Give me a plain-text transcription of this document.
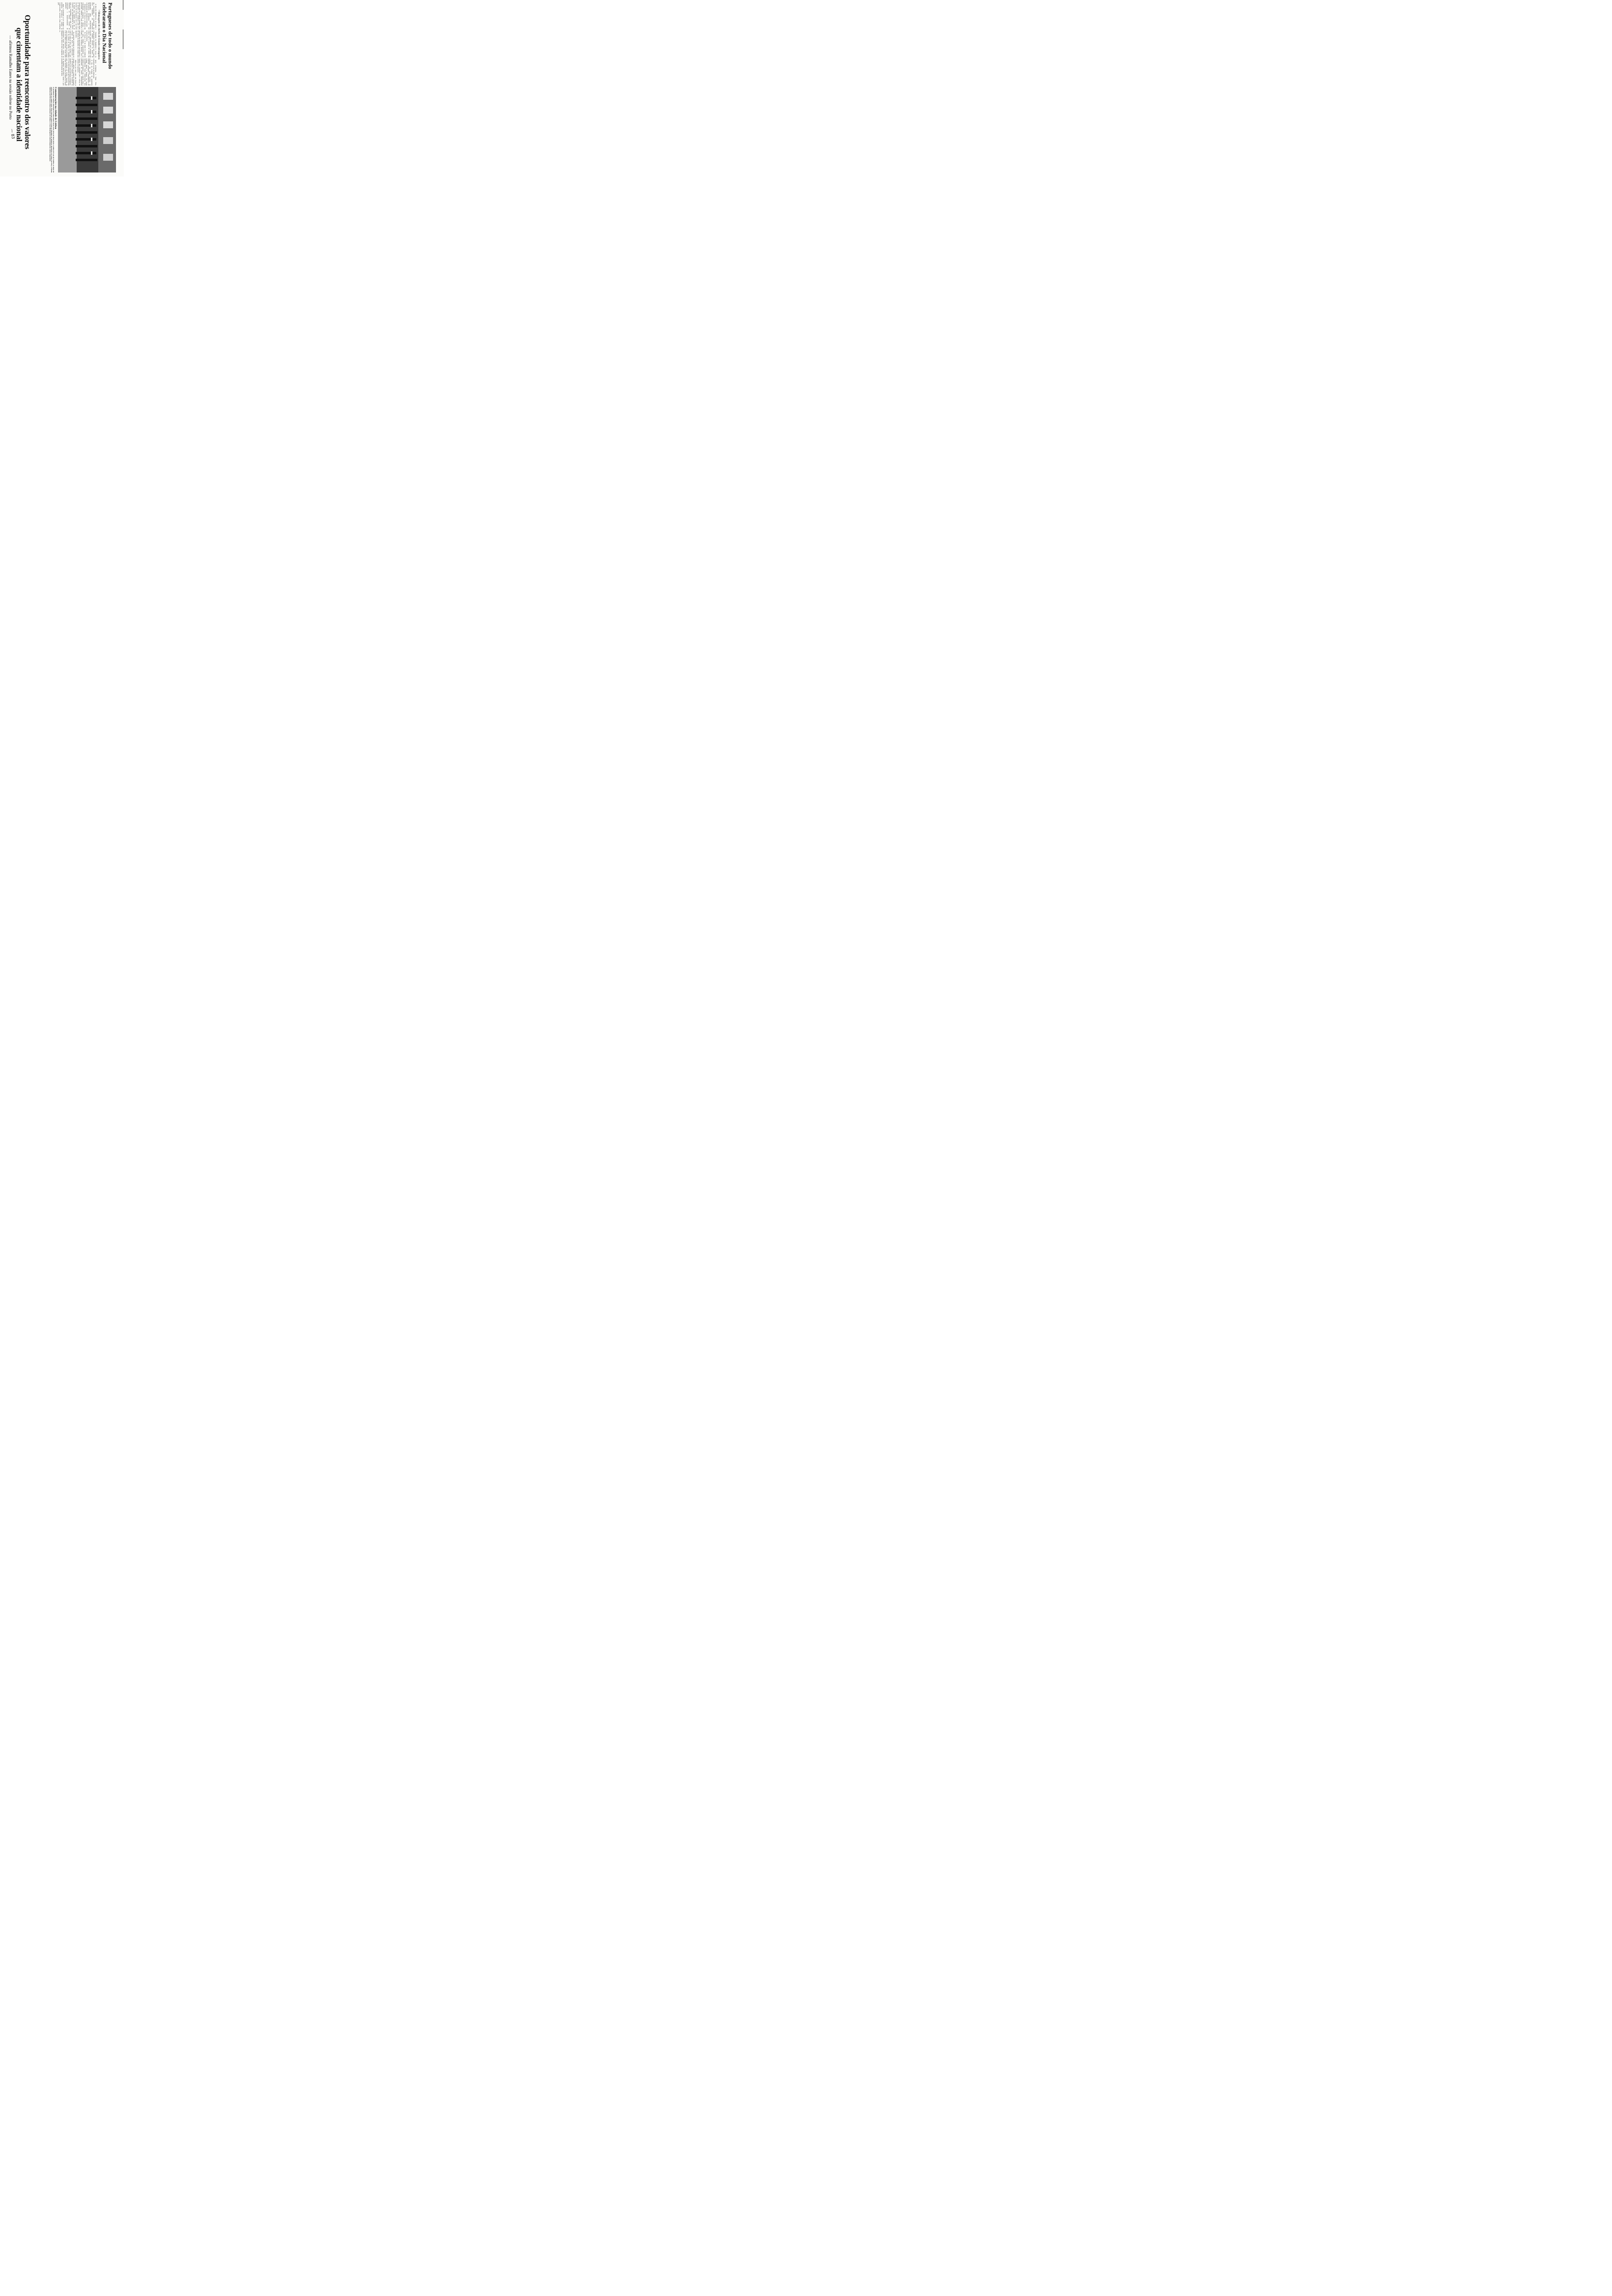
Portugueses de todo o mundo
celebraram o Dia Nacional
• Mensagens de chefes de Estado estrangeiros

O DIA DE PORTUGAL, de Camões e das Comunidades foi comemorado nos cinco continentes, em celebrações promovidas pelas representações diplomáticas portuguesas e por comunidades de cidadãos do nosso país.

Dirigindo-se em Macau a elementos das comunidades portuguesa e chinesa, o governador Almeida e Costa referiu-se à recente visita do Presidente Ramalho Eanes ao território, que considerou «não só o encontro dos Portugueses com o seu chefe de Estado mas também ponto alto de convívio, que quotidianamente se renova, entre as comunidades que aqui vivem e trabalham, no esforço comum de valorização e desenvolvimento do território».

Após o governador se ter dirigido aos presentes, procedeu-se à entrega de condecorações, nacionais (duas atribuídas pelo

Presidente da República) e locais. As comemorações iniciaram-se com o hastear da bandeira nacional no Palácio do Governo, seguindo-se uma cerimónia que contou com a presença de alunos das escolas de Macau.

No Brasil, o 10 de Junho foi celebrado em várias cidades, nomeadamente em Brasília, em iniciativas diversas, com o patrocínio das associações luso-brasileiras e de câmaras de deputados das cidades mais importantes.

Na cerimónia realizada na Embaixada de Portugal em Paris, foi condecorada a cantora Linda de Suza, que recebeu a grã-cruz da Ordem do Infante D. Henrique «pela divulgação que tem feito de Portugal e da sua música tradicional». Foram ainda galardoados Santos Teixeira, director da delegação em Paris de uma companhia de se-

guros portuguesa, e Veiga Pires, conselheiro social da embaixada.

O Dia de Portugal foi igualmente assinalado nos países africanos de expressão portuguesa, nomeadamente em Luanda, Bissau e Maputo. Na capital moçambicana, foram condecorados dois cidadãos portugueses que, segundo disse o embaixador de Lisboa, «desempenham funções que contribuem para o reforço de amizade e cooperação».

Refira-se, por outro lado, que foram já tornadas públicas as primeiras mensagens de felicitações dirigidas ao Presidente da República por seus homólogos estrangeiros. É o caso das mensagens que foram enviadas pelo presidente do Soviete Supremo da União Soviética, pelo presidente de Estado da República Democrática Alemã e pelo presidente Mobutu, do Zaire.

Comemorações na cidade de Lisboa
O presidente da Câmara Municipal de Lisboa depôs ontem uma coroa de flores junto à estátua de Luís de Camões, no largo do mesmo nome na capital. Antes, Nuno Abecasis passou revista ao Batalhão de Sapadores Bombeiros de Lisboa (na foto). A Banda Sinfónica da PSP tocou os hinos nacional e de Lisboa e o Coro Municipal de Lisboa interpretou várias composições
Oportunidade para reencontro dos valores
que cimentam a identidade nacional
— afirmou Ramalho Eanes na sessão solene no Porto
— 83
